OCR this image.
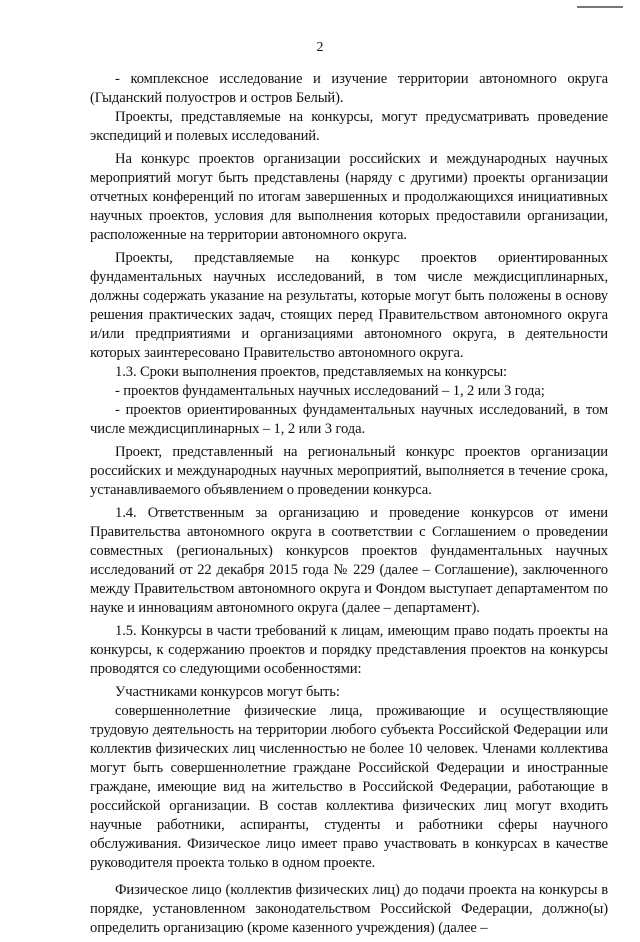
2

- комплексное исследование и изучение территории автономного округа (Гыданский полуостров и остров Белый).

Проекты, представляемые на конкурсы, могут предусматривать проведение экспедиций и полевых исследований.

На конкурс проектов организации российских и международных научных мероприятий могут быть представлены (наряду с другими) проекты организации отчетных конференций по итогам завершенных и продолжающихся инициативных научных проектов, условия для выполнения которых предоставили организации, расположенные на территории автономного округа.

Проекты, представляемые на конкурс проектов ориентированных фундаментальных научных исследований, в том числе междисциплинарных, должны содержать указание на результаты, которые могут быть положены в основу решения практических задач, стоящих перед Правительством автономного округа и/или предприятиями и организациями автономного округа, в деятельности которых заинтересовано Правительство автономного округа.

1.3. Сроки выполнения проектов, представляемых на конкурсы:

- проектов фундаментальных научных исследований – 1, 2 или 3 года;

- проектов ориентированных фундаментальных научных исследований, в том числе междисциплинарных – 1, 2 или 3 года.

Проект, представленный на региональный конкурс проектов организации российских и международных научных мероприятий, выполняется в течение срока, устанавливаемого объявлением о проведении конкурса.

1.4. Ответственным за организацию и проведение конкурсов от имени Правительства автономного округа в соответствии с Соглашением о проведении совместных (региональных) конкурсов проектов фундаментальных научных исследований от 22 декабря 2015 года № 229 (далее – Соглашение), заключенного между Правительством автономного округа и Фондом выступает департаментом по науке и инновациям автономного округа (далее – департамент).

1.5. Конкурсы в части требований к лицам, имеющим право подать проекты на конкурсы, к содержанию проектов и порядку представления проектов на конкурсы проводятся со следующими особенностями:

Участниками конкурсов могут быть:

совершеннолетние физические лица, проживающие и осуществляющие трудовую деятельность на территории любого субъекта Российской Федерации или коллектив физических лиц численностью не более 10 человек. Членами коллектива могут быть совершеннолетние граждане Российской Федерации и иностранные граждане, имеющие вид на жительство в Российской Федерации, работающие в российской организации. В состав коллектива физических лиц могут входить научные работники, аспиранты, студенты и работники сферы научного обслуживания. Физическое лицо имеет право участвовать в конкурсах в качестве руководителя проекта только в одном проекте.

Физическое лицо (коллектив физических лиц) до подачи проекта на конкурсы в порядке, установленном законодательством Российской Федерации, должно(ы) определить организацию (кроме казенного учреждения) (далее –
